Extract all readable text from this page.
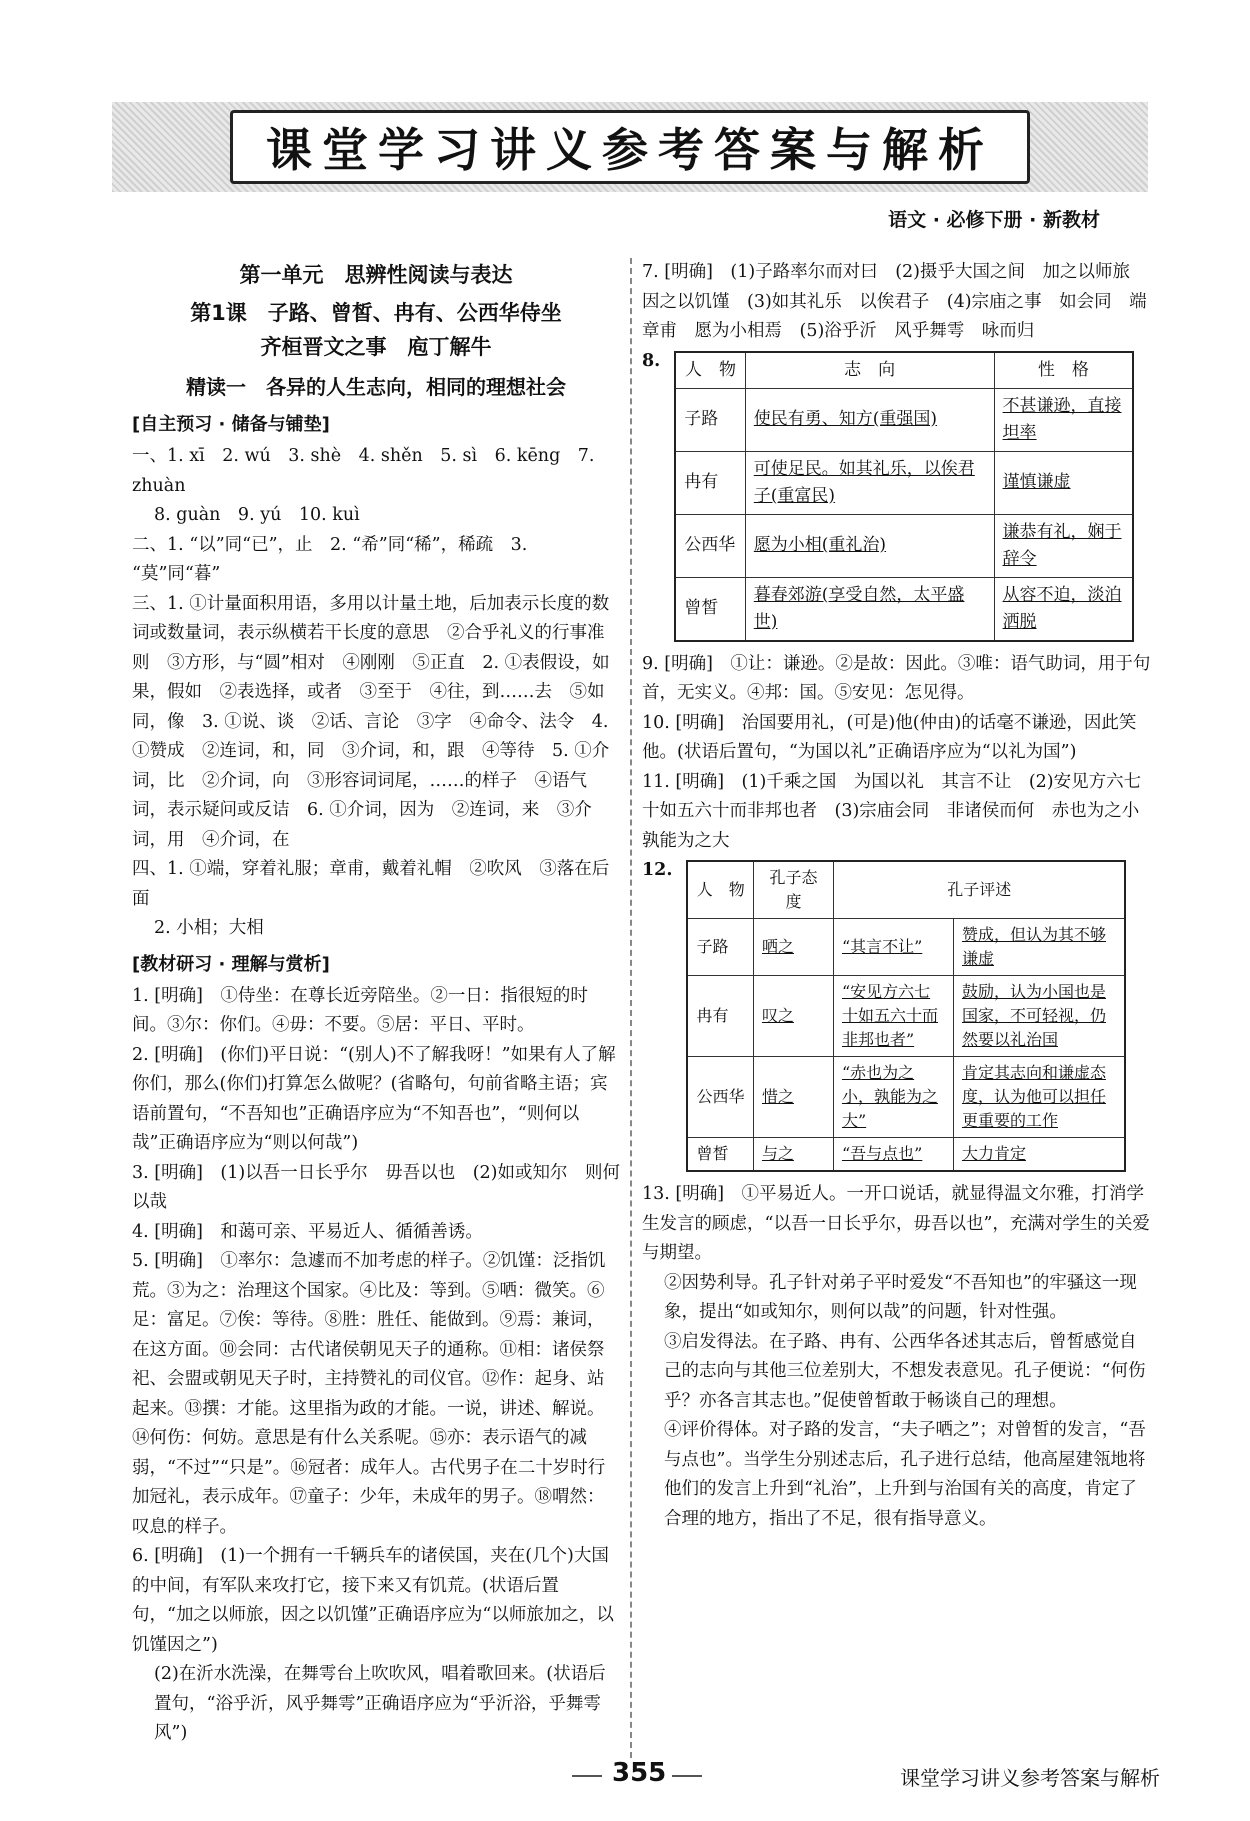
课堂学习讲义参考答案与解析
语文 · 必修下册 · 新教材
第一单元　思辨性阅读与表达
第1课　子路、曾皙、冉有、公西华侍坐
齐桓晋文之事　庖丁解牛
精读一　各异的人生志向，相同的理想社会
[自主预习 · 储备与铺垫]
一、1. xī　2. wú　3. shè　4. shěn　5. sì　6. kēng　7. zhuàn
8. guàn　9. yú　10. kuì
二、1. “以”同“已”，止　2. “希”同“稀”，稀疏　3. “莫”同“暮”
三、1. ①计量面积用语，多用以计量土地，后加表示长度的数词或数量词，表示纵横若干长度的意思　②合乎礼义的行事准则　③方形，与“圆”相对　④刚刚　⑤正直　2. ①表假设，如果，假如　②表选择，或者　③至于　④往，到……去　⑤如同，像　3. ①说、谈　②话、言论　③字　④命令、法令　4. ①赞成　②连词，和，同　③介词，和，跟　④等待　5. ①介词，比　②介词，向　③形容词词尾，……的样子　④语气词，表示疑问或反诘　6. ①介词，因为　②连词，来　③介词，用　④介词，在
四、1. ①端，穿着礼服；章甫，戴着礼帽　②吹风　③落在后面
2. 小相；大相
[教材研习 · 理解与赏析]
1. [明确]　①侍坐：在尊长近旁陪坐。②一日：指很短的时间。③尔：你们。④毋：不要。⑤居：平日、平时。
2. [明确]　(你们)平日说：“(别人)不了解我呀！”如果有人了解你们，那么(你们)打算怎么做呢？(省略句，句前省略主语；宾语前置句，“不吾知也”正确语序应为“不知吾也”，“则何以哉”正确语序应为“则以何哉”)
3. [明确]　(1)以吾一日长乎尔　毋吾以也　(2)如或知尔　则何以哉
4. [明确]　和蔼可亲、平易近人、循循善诱。
5. [明确]　①率尔：急遽而不加考虑的样子。②饥馑：泛指饥荒。③为之：治理这个国家。④比及：等到。⑤哂：微笑。⑥足：富足。⑦俟：等待。⑧胜：胜任、能做到。⑨焉：兼词，在这方面。⑩会同：古代诸侯朝见天子的通称。⑪相：诸侯祭祀、会盟或朝见天子时，主持赞礼的司仪官。⑫作：起身、站起来。⑬撰：才能。这里指为政的才能。一说，讲述、解说。⑭何伤：何妨。意思是有什么关系呢。⑮亦：表示语气的减弱，“不过”“只是”。⑯冠者：成年人。古代男子在二十岁时行加冠礼，表示成年。⑰童子：少年，未成年的男子。⑱喟然：叹息的样子。
6. [明确]　(1)一个拥有一千辆兵车的诸侯国，夹在(几个)大国的中间，有军队来攻打它，接下来又有饥荒。(状语后置句，“加之以师旅，因之以饥馑”正确语序应为“以师旅加之，以饥馑因之”)
(2)在沂水洗澡，在舞雩台上吹吹风，唱着歌回来。(状语后置句，“浴乎沂，风乎舞雩”正确语序应为“乎沂浴，乎舞雩风”)
7. [明确]　(1)子路率尔而对曰　(2)摄乎大国之间　加之以师旅　因之以饥馑　(3)如其礼乐　以俟君子　(4)宗庙之事　如会同　端章甫　愿为小相焉　(5)浴乎沂　风乎舞雩　咏而归
8. 人　物	志　向	性　格
子路	使民有勇、知方(重强国)	不甚谦逊，直接坦率
冉有	可使足民。如其礼乐，以俟君子(重富民)	谨慎谦虚
公西华	愿为小相(重礼治)	谦恭有礼，娴于辞令
曾皙	暮春郊游(享受自然，太平盛世)	从容不迫，淡泊洒脱
9. [明确]　①让：谦逊。②是故：因此。③唯：语气助词，用于句首，无实义。④邦：国。⑤安见：怎见得。
10. [明确]　治国要用礼，(可是)他(仲由)的话毫不谦逊，因此笑他。(状语后置句，“为国以礼”正确语序应为“以礼为国”)
11. [明确]　(1)千乘之国　为国以礼　其言不让　(2)安见方六七十如五六十而非邦也者　(3)宗庙会同　非诸侯而何　赤也为之小　孰能为之大
12.
人　物	孔子态度	孔子评述	
子路	哂之	“其言不让”	赞成，但认为其不够谦虚
冉有	叹之	“安见方六七十如五六十而非邦也者”	鼓励，认为小国也是国家，不可轻视，仍然要以礼治国
公西华	惜之	“赤也为之小，孰能为之大”	肯定其志向和谦虚态度，认为他可以担任更重要的工作
曾皙	与之	“吾与点也”	大力肯定
13. [明确]　①平易近人。一开口说话，就显得温文尔雅，打消学生发言的顾虑，“以吾一日长乎尔，毋吾以也”，充满对学生的关爱与期望。
②因势利导。孔子针对弟子平时爱发“不吾知也”的牢骚这一现象，提出“如或知尔，则何以哉”的问题，针对性强。
③启发得法。在子路、冉有、公西华各述其志后，曾皙感觉自己的志向与其他三位差别大，不想发表意见。孔子便说：“何伤乎？亦各言其志也。”促使曾皙敢于畅谈自己的理想。
④评价得体。对子路的发言，“夫子哂之”；对曾皙的发言，“吾与点也”。当学生分别述志后，孔子进行总结，他高屋建瓴地将他们的发言上升到“礼治”，上升到与治国有关的高度，肯定了合理的地方，指出了不足，很有指导意义。
355	课堂学习讲义参考答案与解析
